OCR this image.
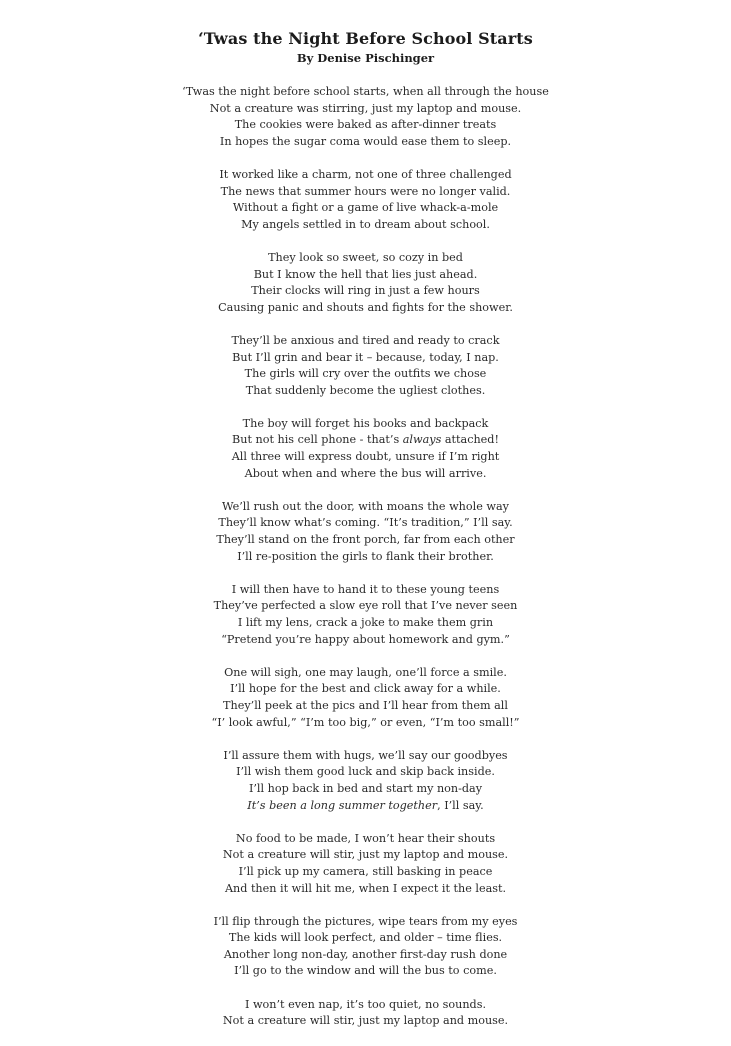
‘Twas the Night Before School Starts
By Denise Pischinger
‘Twas the night before school starts, when all through the house
Not a creature was stirring, just my laptop and mouse.
The cookies were baked as after-dinner treats
In hopes the sugar coma would ease them to sleep.
It worked like a charm, not one of three challenged
The news that summer hours were no longer valid.
Without a fight or a game of live whack-a-mole
My angels settled in to dream about school.
They look so sweet, so cozy in bed
But I know the hell that lies just ahead.
Their clocks will ring in just a few hours
Causing panic and shouts and fights for the shower.
They’ll be anxious and tired and ready to crack
But I’ll grin and bear it – because, today, I nap.
The girls will cry over the outfits we chose
That suddenly become the ugliest clothes.
The boy will forget his books and backpack
But not his cell phone - that’s always attached!
All three will express doubt, unsure if I’m right
About when and where the bus will arrive.
We’ll rush out the door, with moans the whole way
They’ll know what’s coming. “It’s tradition,” I’ll say.
They’ll stand on the front porch, far from each other
I’ll re-position the girls to flank their brother.
I will then have to hand it to these young teens
They’ve perfected a slow eye roll that I’ve never seen
I lift my lens, crack a joke to make them grin
“Pretend you’re happy about homework and gym.”
One will sigh, one may laugh, one’ll force a smile.
I’ll hope for the best and click away for a while.
They’ll peek at the pics and I’ll hear from them all
“I’ look awful,” “I’m too big,” or even, “I’m too small!”
I’ll assure them with hugs, we’ll say our goodbyes
I’ll wish them good luck and skip back inside.
I’ll hop back in bed and start my non-day
It’s been a long summer together, I’ll say.
No food to be made, I won’t hear their shouts
Not a creature will stir, just my laptop and mouse.
I’ll pick up my camera, still basking in peace
And then it will hit me, when I expect it the least.
I’ll flip through the pictures, wipe tears from my eyes
The kids will look perfect, and older – time flies.
Another long non-day, another first-day rush done
I’ll go to the window and will the bus to come.
I won’t even nap, it’s too quiet, no sounds.
Not a creature will stir, just my laptop and mouse.
